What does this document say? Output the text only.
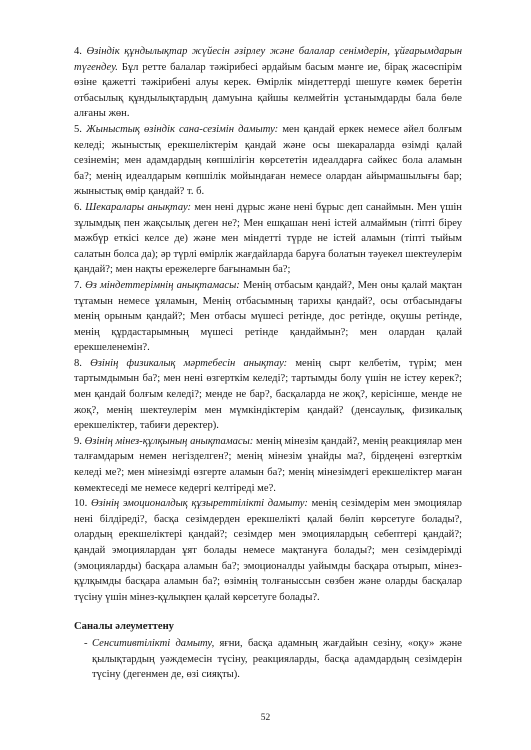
4. Өзіндік құндылықтар жүйесін әзірлеу және балалар сенімдерін, ұйғарымдарын түгендеу. Бұл ретте балалар тәжірибесі әрдайым басым мәнге ие, бірақ жасөспірім өзіне қажетті тәжірибені алуы керек. Өмірлік міндеттерді шешуге көмек беретін отбасылық құндылықтардың дамуына қайшы келмейтін ұстанымдарды бала бөле алғаны жөн.

5. Жыныстық өзіндік сана-сезімін дамыту: мен қандай еркек немесе әйел болғым келеді; жыныстық ерекшеліктерім қандай және осы шекараларда өзімді қалай сезінемін; мен адамдардың көпшілігін көрсететін идеалдарға сәйкес бола аламын ба?; менің идеалдарым көпшілік мойындаған немесе олардан айырмашылығы бар; жыныстық өмір қандай? т. б.

6. Шекаралары анықтау: мен нені дұрыс және нені бұрыс деп санаймын. Мен үшін зұлымдық пен жақсылық деген не?; Мен ешқашан нені істей алмаймын (тіпті біреу мәжбүр еткісі келсе де) және мен міндетті түрде не істей аламын (тіпті тыйым салатын болса да); әр түрлі өмірлік жағдайларда баруға болатын тәуекел шектеулерім қандай?; мен нақты ережелерге бағынамын ба?;

7. Өз міндеттерімнің анықтамасы: Менің отбасым қандай?, Мен оны қалай мақтан тұтамын немесе ұяламын, Менің отбасымның тарихы қандай?, осы отбасындағы менің орыным қандай?; Мен отбасы мүшесі ретінде, дос ретінде, оқушы ретінде, менің құрдастарымның мүшесі ретінде қандаймын?; мен олардан қалай ерекшеленемін?.

8. Өзінің физикалық мәртебесін анықтау: менің сырт келбетім, түрім; мен тартымдымын ба?; мен нені өзгерткім келеді?; тартымды болу үшін не істеу керек?; мен қандай болғым келеді?; менде не бар?, басқаларда не жоқ?, керісінше, менде не жоқ?, менің шектеулерім мен мүмкіндіктерім қандай? (денсаулық, физикалық ерекшеліктер, табиғи деректер).

9. Өзінің мінез-құлқының анықтамасы: менің мінезім қандай?, менің реакциялар мен талғамдарым немен негізделген?; менің мінезім ұнайды ма?, бірдеңені өзгерткім келеді ме?; мен мінезімді өзгерте аламын ба?; менің мінезімдегі ерекшеліктер маған көмектеседі ме немесе кедергі келтіреді ме?.

10. Өзінің эмоционалдық құзыреттілікті дамыту: менің сезімдерім мен эмоциялар нені білдіреді?, басқа сезімдерден ерекшелікті қалай бөліп көрсетуге болады?, олардың ерекшеліктері қандай?; сезімдер мен эмоциялардың себептері қандай?; қандай эмоциялардан ұят болады немесе мақтануға болады?; мен сезімдерімді (эмоцияларды) басқара аламын ба?; эмоционалды уайымды басқара отырып, мінез-құлқымды басқара аламын ба?; өзімнің толғаныссын сөзбен және оларды басқалар түсіну үшін мінез-құлықпен қалай көрсетуге болады?.

Саналы әлеуметтену
- Сенситивтілікті дамыту, яғни, басқа адамның жағдайын сезіну, «оқу» және қылықтардың уәждемесін түсіну, реакцияларды, басқа адамдардың сезімдерін түсіну (дегенмен де, өзі сияқты).
52
